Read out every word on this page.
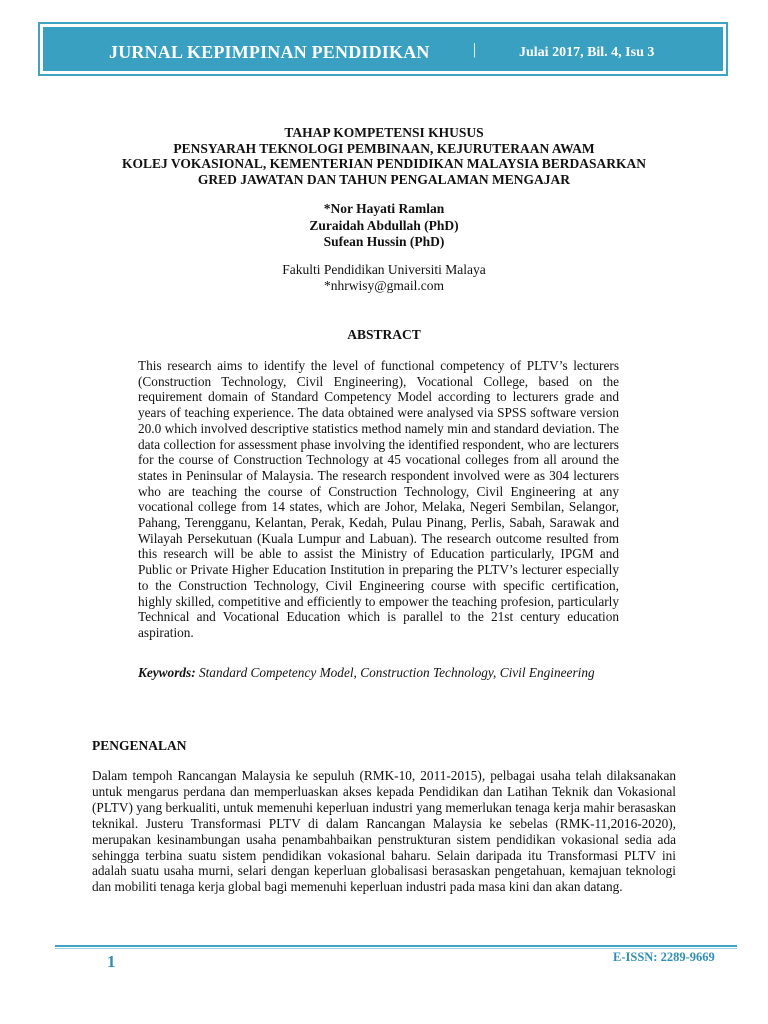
JURNAL KEPIMPINAN PENDIDIKAN	|	Julai 2017, Bil. 4, Isu 3
TAHAP KOMPETENSI KHUSUS
PENSYARAH TEKNOLOGI PEMBINAAN, KEJURUTERAAN AWAM
KOLEJ VOKASIONAL, KEMENTERIAN PENDIDIKAN MALAYSIA BERDASARKAN
GRED JAWATAN DAN TAHUN PENGALAMAN MENGAJAR
*Nor Hayati Ramlan
Zuraidah Abdullah (PhD)
Sufean Hussin (PhD)
Fakulti Pendidikan Universiti Malaya
*nhrwisy@gmail.com
ABSTRACT
This research aims to identify the level of functional competency of PLTV’s lecturers (Construction Technology, Civil Engineering), Vocational College, based on the requirement domain of Standard Competency Model according to lecturers grade and years of teaching experience. The data obtained were analysed via SPSS software version 20.0 which involved descriptive statistics method namely min and standard deviation. The data collection for assessment phase involving the identified respondent, who are lecturers for the course of Construction Technology at 45 vocational colleges from all around the states in Peninsular of Malaysia. The research respondent involved were as 304 lecturers who are teaching the course of Construction Technology, Civil Engineering at any vocational college from 14 states, which are Johor, Melaka, Negeri Sembilan, Selangor, Pahang, Terengganu, Kelantan, Perak, Kedah, Pulau Pinang, Perlis, Sabah, Sarawak and Wilayah Persekutuan (Kuala Lumpur and Labuan). The research outcome resulted from this research will be able to assist the Ministry of Education particularly, IPGM and Public or Private Higher Education Institution in preparing the PLTV’s lecturer especially to the Construction Technology, Civil Engineering course with specific certification, highly skilled, competitive and efficiently to empower the teaching profesion, particularly Technical and Vocational Education which is parallel to the 21st century education aspiration.
Keywords: Standard Competency Model, Construction Technology, Civil Engineering
PENGENALAN
Dalam tempoh Rancangan Malaysia ke sepuluh (RMK-10, 2011-2015), pelbagai usaha telah dilaksanakan untuk mengarus perdana dan memperluaskan akses kepada Pendidikan dan Latihan Teknik dan Vokasional (PLTV) yang berkualiti, untuk memenuhi keperluan industri yang memerlukan tenaga kerja mahir berasaskan teknikal. Justeru Transformasi PLTV di dalam Rancangan Malaysia ke sebelas (RMK-11,2016-2020), merupakan kesinambungan usaha penambahbaikan penstrukturan sistem pendidikan vokasional sedia ada sehingga terbina suatu sistem pendidikan vokasional baharu. Selain daripada itu Transformasi PLTV ini adalah suatu usaha murni, selari dengan keperluan globalisasi berasaskan pengetahuan, kemajuan teknologi dan mobiliti tenaga kerja global bagi memenuhi keperluan industri pada masa kini dan akan datang.
1	E-ISSN: 2289-9669
